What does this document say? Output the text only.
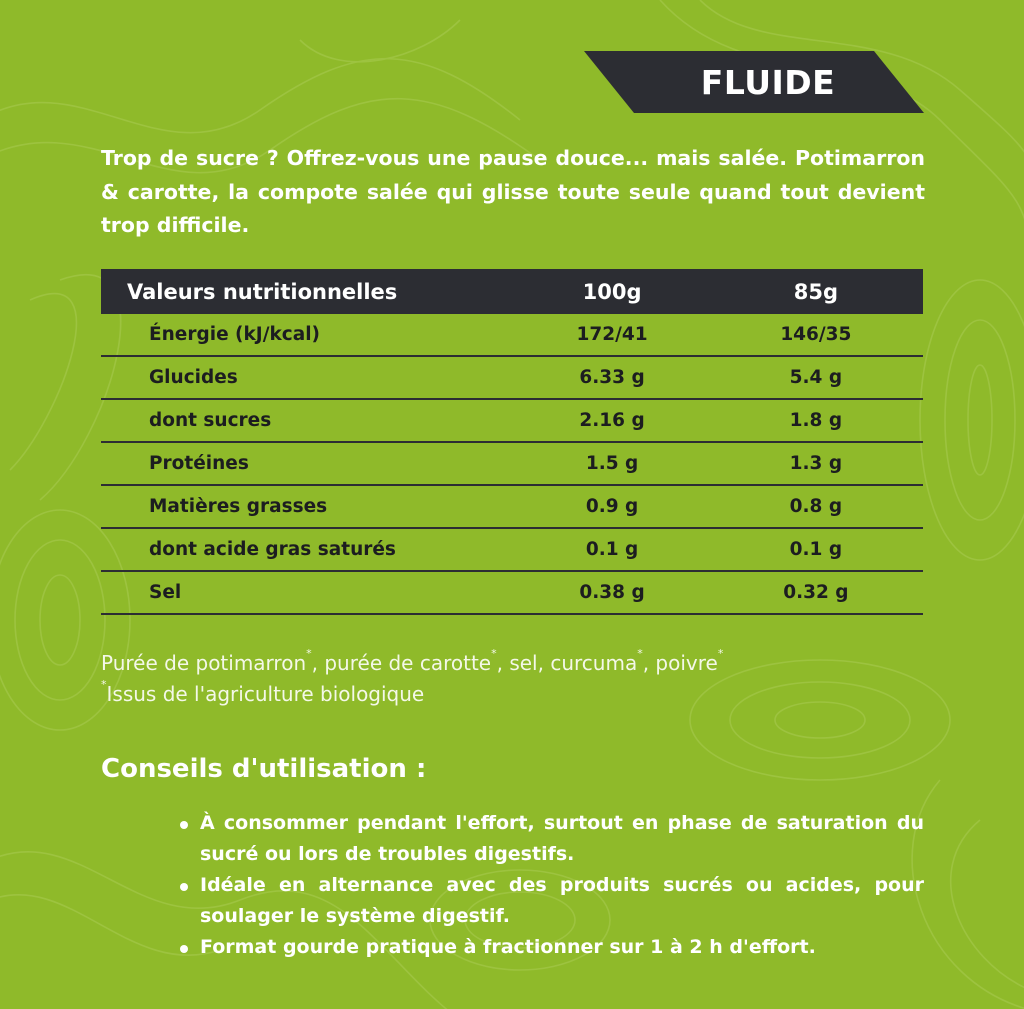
FLUIDE
Trop de sucre ? Offrez-vous une pause douce... mais salée. Potimarron & carotte, la compote salée qui glisse toute seule quand tout devient trop difficile.
Valeurs nutritionnelles	100g	85g
Énergie (kJ/kcal)	172/41	146/35
Glucides	6.33 g	5.4 g
dont sucres	2.16 g	1.8 g
Protéines	1.5 g	1.3 g
Matières grasses	0.9 g	0.8 g
dont acide gras saturés	0.1 g	0.1 g
Sel	0.38 g	0.32 g
Purée de potimarron*, purée de carotte*, sel, curcuma*, poivre*
*Issus de l'agriculture biologique
Conseils d'utilisation :
À consommer pendant l'effort, surtout en phase de saturation du sucré ou lors de troubles digestifs.
Idéale en alternance avec des produits sucrés ou acides, pour soulager le système digestif.
Format gourde pratique à fractionner sur 1 à 2 h d'effort.
